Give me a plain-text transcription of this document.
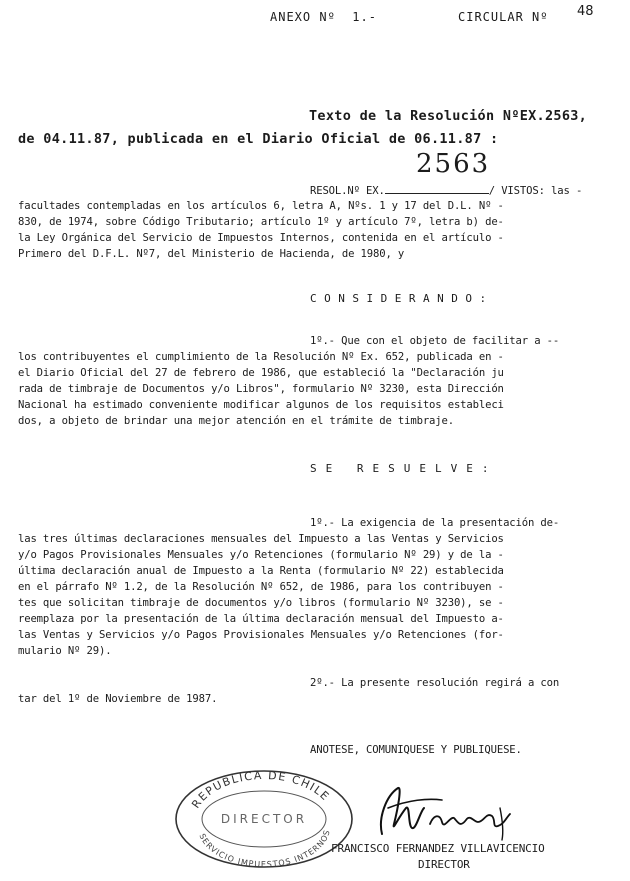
ANEXO Nº  1.-	CIRCULAR Nº 48
Texto de la Resolución NºEX.2563,
de 04.11.87, publicada en el Diario Oficial de 06.11.87 :
2563
RESOL.Nº EX.	/ VISTOS: las -
facultades contempladas en los artículos 6, letra A, Nºs. 1 y 17 del D.L. Nº -
830, de 1974, sobre Código Tributario; artículo 1º y artículo 7º, letra b) de-
la Ley Orgánica del Servicio de Impuestos Internos, contenida en el artículo -
Primero del D.F.L. Nº7, del Ministerio de Hacienda, de 1980, y
CONSIDERANDO:
1º.- Que con el objeto de facilitar a --
los contribuyentes el cumplimiento de la Resolución Nº Ex. 652, publicada en -
el Diario Oficial del 27 de febrero de 1986, que estableció la "Declaración ju
rada de timbraje de Documentos y/o Libros", formulario Nº 3230, esta Dirección
Nacional ha estimado conveniente modificar algunos de los requisitos estableci
dos, a objeto de brindar una mejor atención en el trámite de timbraje.
SE RESUELVE:
1º.- La exigencia de la presentación de-
las tres últimas declaraciones mensuales del Impuesto a las Ventas y Servicios
y/o Pagos Provisionales Mensuales y/o Retenciones (formulario Nº 29) y de la -
última declaración anual de Impuesto a la Renta (formulario Nº 22) establecida
en el párrafo Nº 1.2, de la Resolución Nº 652, de 1986, para los contribuyen -
tes que solicitan timbraje de documentos y/o libros (formulario Nº 3230), se -
reemplaza por la presentación de la última declaración mensual del Impuesto a-
las Ventas y Servicios y/o Pagos Provisionales Mensuales y/o Retenciones (for-
mulario Nº 29).
2º.- La presente resolución regirá a con
tar del 1º de Noviembre de 1987.
ANOTESE, COMUNIQUESE Y PUBLIQUESE.
REPUBLICA DE CHILE
DIRECTOR
SERVICIO IMPUESTOS INTERNOS
FRANCISCO FERNANDEZ VILLAVICENCIO
DIRECTOR
